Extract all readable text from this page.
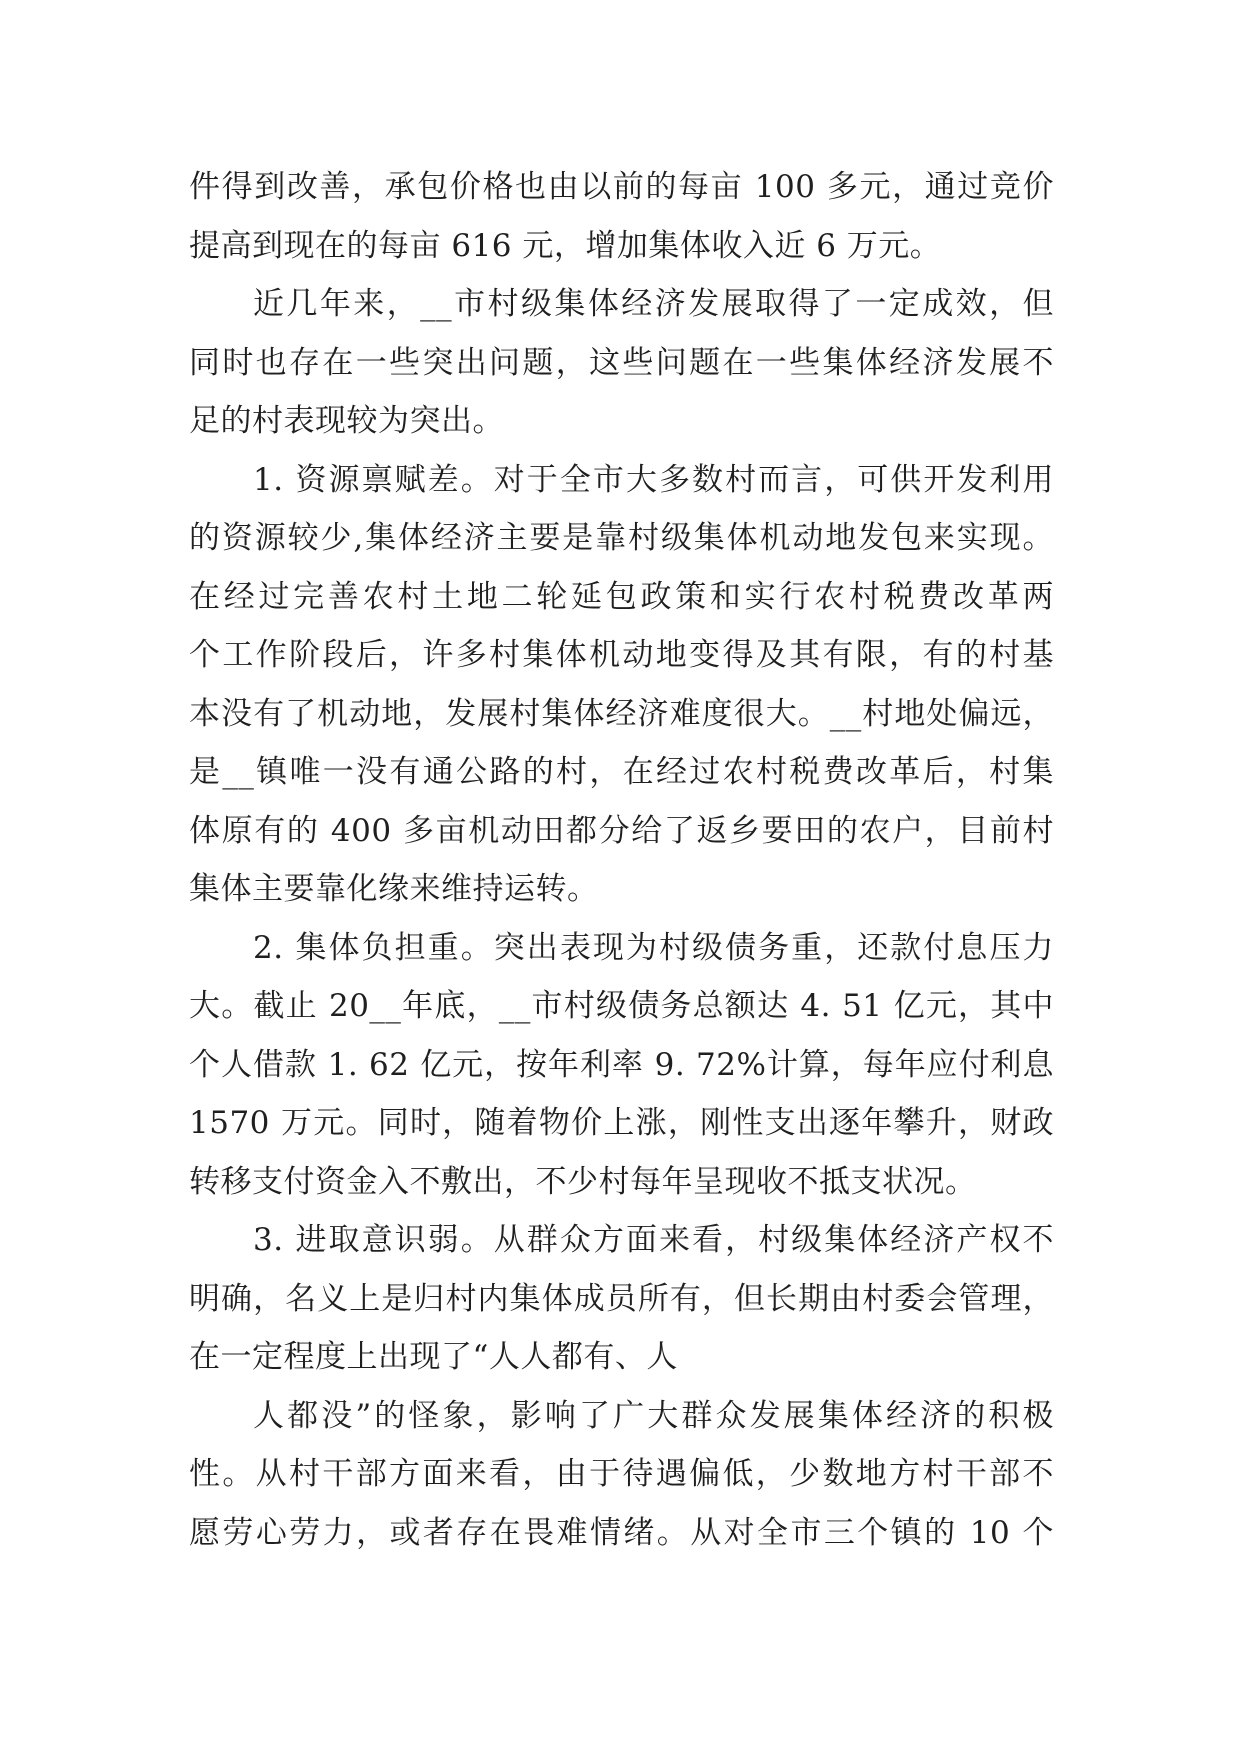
件得到改善，承包价格也由以前的每亩 100 多元，通过竞价
提高到现在的每亩 616 元，增加集体收入近 6 万元。
近几年来，__市村级集体经济发展取得了一定成效，但
同时也存在一些突出问题，这些问题在一些集体经济发展不
足的村表现较为突出。
1. 资源禀赋差。对于全市大多数村而言，可供开发利用
的资源较少,集体经济主要是靠村级集体机动地发包来实现。
在经过完善农村土地二轮延包政策和实行农村税费改革两
个工作阶段后，许多村集体机动地变得及其有限，有的村基
本没有了机动地，发展村集体经济难度很大。__村地处偏远，
是__镇唯一没有通公路的村，在经过农村税费改革后，村集
体原有的 400 多亩机动田都分给了返乡要田的农户，目前村
集体主要靠化缘来维持运转。
2. 集体负担重。突出表现为村级债务重，还款付息压力
大。截止 20__年底，__市村级债务总额达 4. 51 亿元，其中
个人借款 1. 62 亿元，按年利率 9. 72%计算，每年应付利息
1570 万元。同时，随着物价上涨，刚性支出逐年攀升，财政
转移支付资金入不敷出，不少村每年呈现收不抵支状况。
3. 进取意识弱。从群众方面来看，村级集体经济产权不
明确，名义上是归村内集体成员所有，但长期由村委会管理，
在一定程度上出现了“人人都有、人
人都没”的怪象，影响了广大群众发展集体经济的积极
性。从村干部方面来看，由于待遇偏低，少数地方村干部不
愿劳心劳力，或者存在畏难情绪。从对全市三个镇的 10 个
